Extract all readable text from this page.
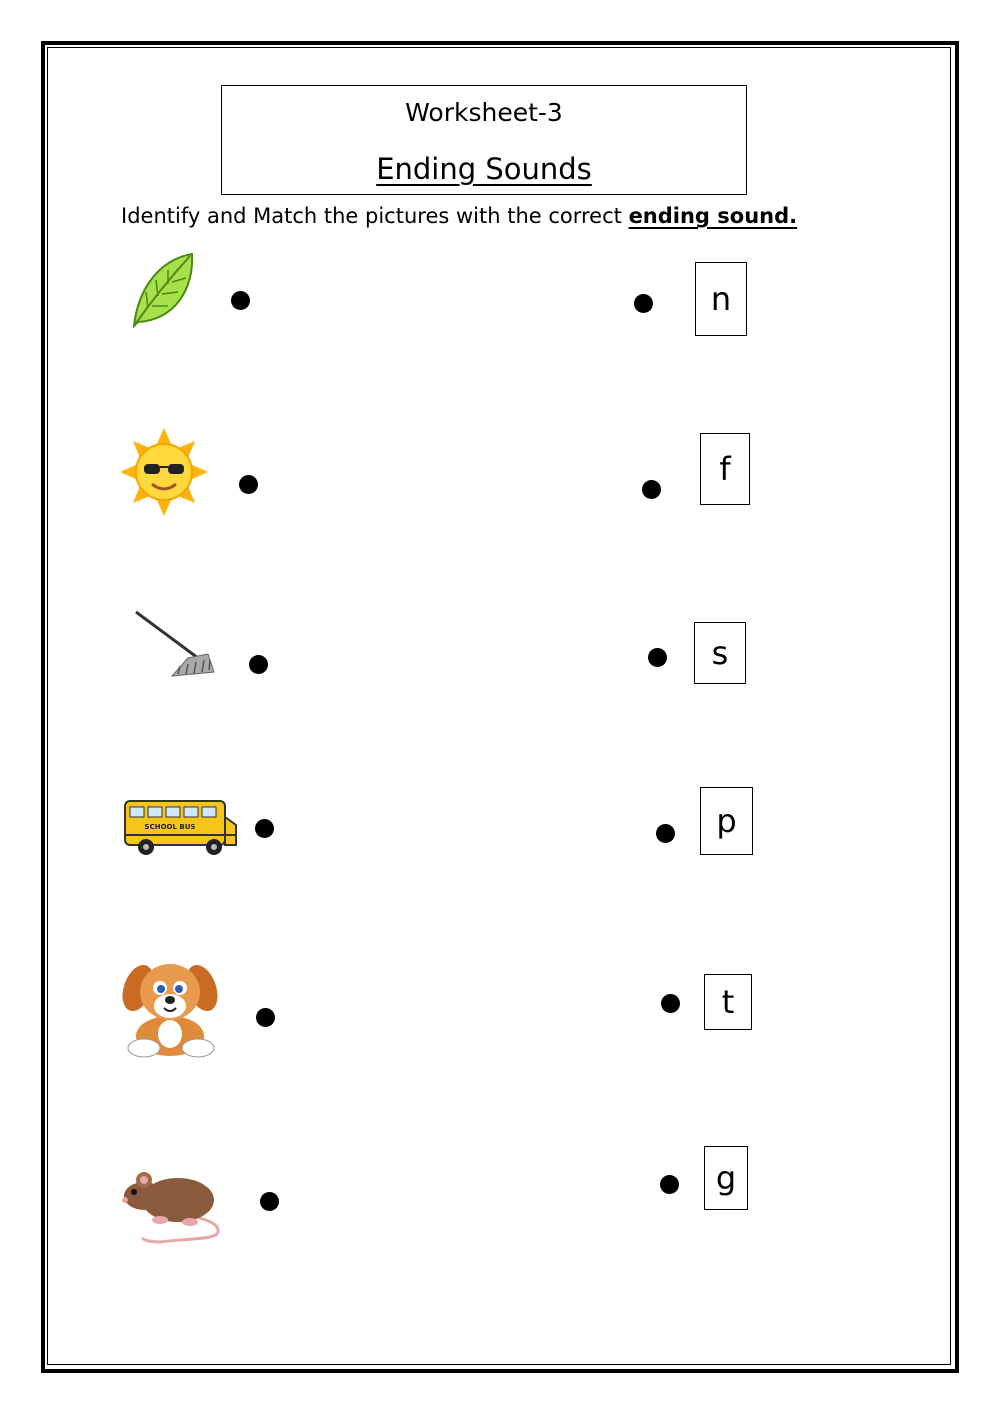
Worksheet-3
Ending Sounds
Identify and Match the pictures with the correct ending sound.
SCHOOL BUS
n
f
s
p
t
g
